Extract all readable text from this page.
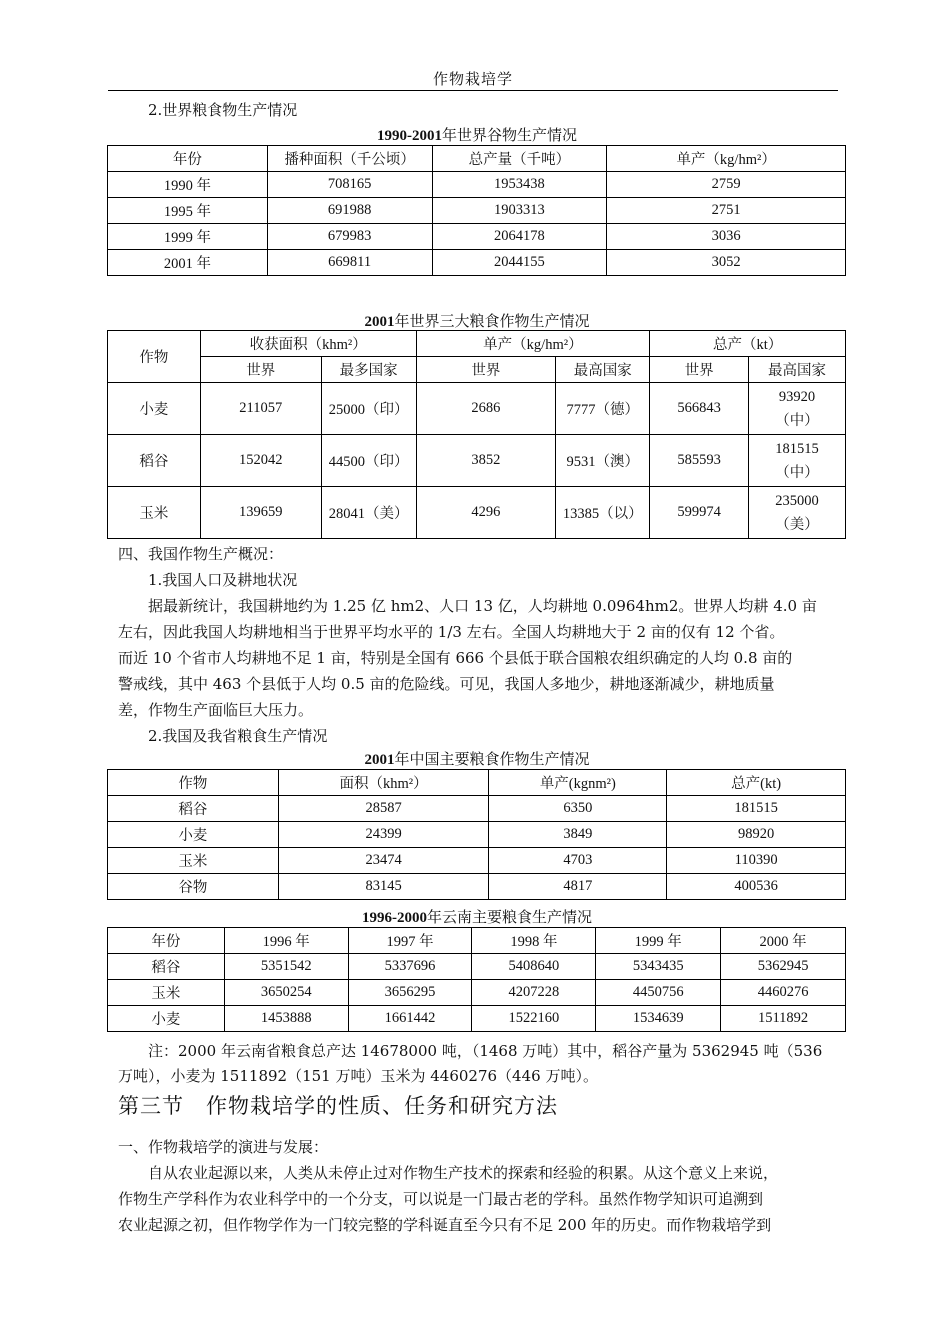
作物栽培学
2.世界粮食物生产情况
1990-2001年世界谷物生产情况
年份	播种面积（千公顷）	总产量（千吨）	单产（kg/hm²）
1990 年	708165	1953438	2759
1995 年	691988	1903313	2751
1999 年	679983	2064178	3036
2001 年	669811	2044155	3052
2001年世界三大粮食作物生产情况
作物	收获面积（khm²）		单产（kg/hm²）		总产（kt）	
	世界	最多国家	世界	最高国家	世界	最高国家
小麦	211057	25000（印）	2686	7777（德）	566843	93920
（中）

稻谷	152042	44500（印）	3852	9531（澳）	585593	181515
（中）

玉米	139659	28041（美）	4296	13385（以）	599974	235000
（美）
四、我国作物生产概况：
1.我国人口及耕地状况
据最新统计，我国耕地约为 1.25 亿 hm2、人口 13 亿，人均耕地 0.0964hm2。世界人均耕 4.0 亩
左右，因此我国人均耕地相当于世界平均水平的 1/3 左右。全国人均耕地大于 2 亩的仅有 12 个省。
而近 10 个省市人均耕地不足 1 亩，特别是全国有 666 个县低于联合国粮农组织确定的人均 0.8 亩的
警戒线，其中 463 个县低于人均 0.5 亩的危险线。可见，我国人多地少，耕地逐渐减少，耕地质量
差，作物生产面临巨大压力。
2.我国及我省粮食生产情况
2001年中国主要粮食作物生产情况
作物	面积（khm²）	单产(kgnm²)	总产(kt)
稻谷	28587	6350	181515
小麦	24399	3849	98920
玉米	23474	4703	110390
谷物	83145	4817	400536
1996-2000年云南主要粮食生产情况
年份	1996 年	1997 年	1998 年	1999 年	2000 年
稻谷	5351542	5337696	5408640	5343435	5362945
玉米	3650254	3656295	4207228	4450756	4460276
小麦	1453888	1661442	1522160	1534639	1511892
注：2000 年云南省粮食总产达 14678000 吨，（1468 万吨）其中，稻谷产量为 5362945 吨（536
万吨），小麦为 1511892（151 万吨）玉米为 4460276（446 万吨）。
第三节 作物栽培学的性质、任务和研究方法
一、作物栽培学的演进与发展：
自从农业起源以来，人类从未停止过对作物生产技术的探索和经验的积累。从这个意义上来说，
作物生产学科作为农业科学中的一个分支，可以说是一门最古老的学科。虽然作物学知识可追溯到
农业起源之初，但作物学作为一门较完整的学科诞直至今只有不足 200 年的历史。而作物栽培学到
